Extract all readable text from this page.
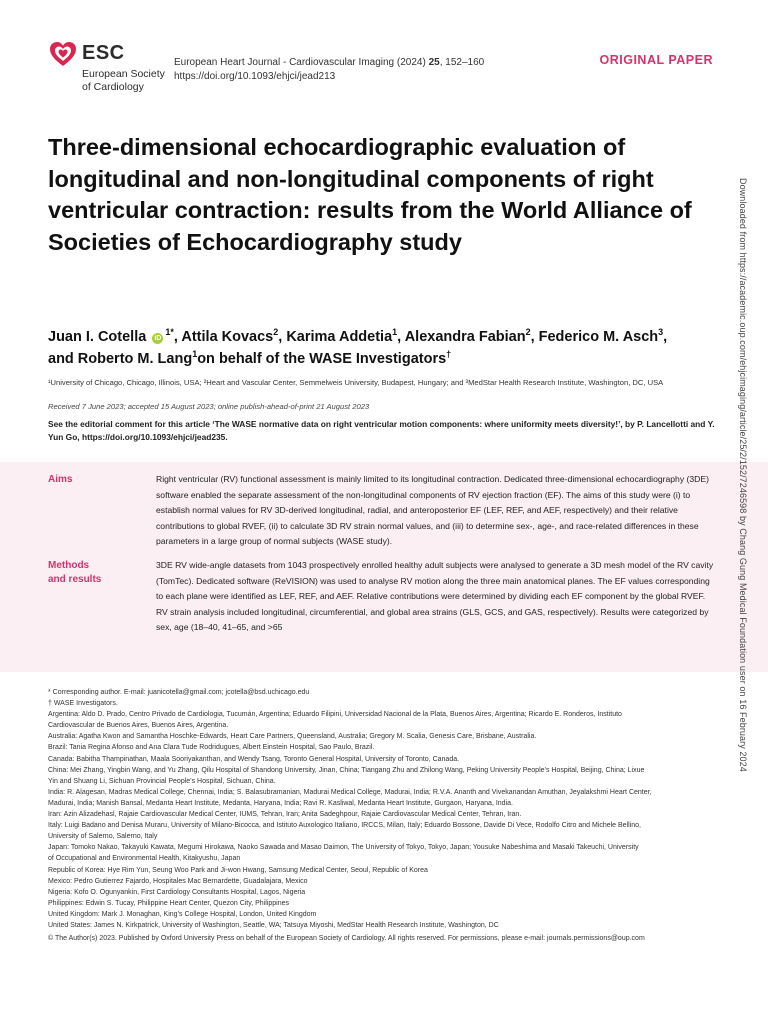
ESC
European Society
of Cardiology
European Heart Journal - Cardiovascular Imaging (2024) 25, 152–160
https://doi.org/10.1093/ehjci/jead213
ORIGINAL PAPER
Three-dimensional echocardiographic evaluation of longitudinal and non-longitudinal components of right ventricular contraction: results from the World Alliance of Societies of Echocardiography study
Juan I. Cotella $iD^{1*}$, Attila Kovacs$^2$, Karima Addetia$^1$, Alexandra Fabian$^2$, Federico M. Asch$^3$, and Roberto M. Lang$^1$on behalf of the WASE Investigators†
¹University of Chicago, Chicago, Illinois, USA; ²Heart and Vascular Center, Semmelweis University, Budapest, Hungary; and ³MedStar Health Research Institute, Washington, DC, USA
Received 7 June 2023; accepted 15 August 2023; online publish-ahead-of-print 21 August 2023
See the editorial comment for this article ‘The WASE normative data on right ventricular motion components: where uniformity meets diversity!’, by P. Lancellotti and Y. Yun Go, https://doi.org/10.1093/ehjci/jead235.
Aims	Right ventricular (RV) functional assessment is mainly limited to its longitudinal contraction. Dedicated three-dimensional echocardiography (3DE) software enabled the separate assessment of the non-longitudinal components of RV ejection fraction (EF). The aims of this study were (i) to establish normal values for RV 3D-derived longitudinal, radial, and anteroposterior EF (LEF, REF, and AEF, respectively) and their relative contributions to global RVEF, (ii) to calculate 3D RV strain normal values, and (iii) to determine sex-, age-, and race-related differences in these parameters in a large group of normal subjects (WASE study).
Methods
and results
3DE RV wide-angle datasets from 1043 prospectively enrolled healthy adult subjects were analysed to generate a 3D mesh model of the RV cavity (TomTec). Dedicated software (ReVISION) was used to analyse RV motion along the three main anatomical planes. The EF values corresponding to each plane were identified as LEF, REF, and AEF. Relative contributions were determined by dividing each EF component by the global RVEF. RV strain analysis included longitudinal, circumferential, and global area strains (GLS, GCS, and GAS, respectively). Results were categorized by sex, age (18–40, 41–65, and >65
* Corresponding author. E-mail: juanicotella@gmail.com; jcotella@bsd.uchicago.edu
† WASE Investigators.
Argentina: Aldo D. Prado, Centro Privado de Cardiologia, Tucumán, Argentina; Eduardo Filipini, Universidad Nacional de la Plata, Buenos Aires, Argentina; Ricardo E. Ronderos, Instituto
Cardiovascular de Buenos Aires, Buenos Aires, Argentina.
Australia: Agatha Kwon and Samantha Hoschke-Edwards, Heart Care Partners, Queensland, Australia; Gregory M. Scalia, Genesis Care, Brisbane, Australia.
Brazil: Tania Regina Afonso and Ana Clara Tude Rodridugues, Albert Einstein Hospital, Sao Paulo, Brazil.
Canada: Babitha Thampinathan, Maala Sooriyakanthan, and Wendy Tsang, Toronto General Hospital, University of Toronto, Canada.
China: Mei Zhang, Yingbin Wang, and Yu Zhang, Qilu Hospital of Shandong University, Jinan, China; Tiangang Zhu and Zhilong Wang, Peking University People’s Hospital, Beijing, China; Lixue
Yin and Shuang Li, Sichuan Provincial People’s Hospital, Sichuan, China.
India: R. Alagesan, Madras Medical College, Chennai, India; S. Balasubramanian, Madurai Medical College, Madurai, India; R.V.A. Ananth and Vivekanandan Amuthan, Jeyalakshmi Heart Center,
Madurai, India; Manish Bansal, Medanta Heart Institute, Medanta, Haryana, India; Ravi R. Kasliwal, Medanta Heart Institute, Gurgaon, Haryana, India.
Iran: Azin Alizadehasl, Rajaie Cardiovascular Medical Center, IUMS, Tehran, Iran; Anita Sadeghpour, Rajaie Cardiovascular Medical Center, Tehran, Iran.
Italy: Luigi Badano and Denisa Muraru, University of Milano-Bicocca, and Istituto Auxologico Italiano, IRCCS, Milan, Italy; Eduardo Bossone, Davide Di Vece, Rodolfo Citro and Michele Bellino,
University of Salerno, Salerno, Italy
Japan: Tomoko Nakao, Takayuki Kawata, Megumi Hirokawa, Naoko Sawada and Masao Daimon, The University of Tokyo, Tokyo, Japan; Yousuke Nabeshima and Masaki Takeuchi, University
of Occupational and Environmental Health, Kitakyushu, Japan
Republic of Korea: Hye Rim Yun, Seung Woo Park and Ji-won Hwang, Samsung Medical Center, Seoul, Republic of Korea
Mexico: Pedro Gutierrez Fajardo, Hospitales Mac Bernardette, Guadalajara, Mexico
Nigeria: Kofo O. Ogunyankin, First Cardiology Consultants Hospital, Lagos, Nigeria
Philippines: Edwin S. Tucay, Philippine Heart Center, Quezon City, Philippines
United Kingdom: Mark J. Monaghan, King’s College Hospital, London, United Kingdom
United States: James N. Kirkpatrick, University of Washington, Seattle, WA; Tatsuya Miyoshi, MedStar Health Research Institute, Washington, DC
© The Author(s) 2023. Published by Oxford University Press on behalf of the European Society of Cardiology. All rights reserved. For permissions, please e-mail: journals.permissions@oup.com
Downloaded from https://academic.oup.com/ehjcimaging/article/25/2/152/7246598 by Chang Gung Medical Foundation user on 16 February 2024
